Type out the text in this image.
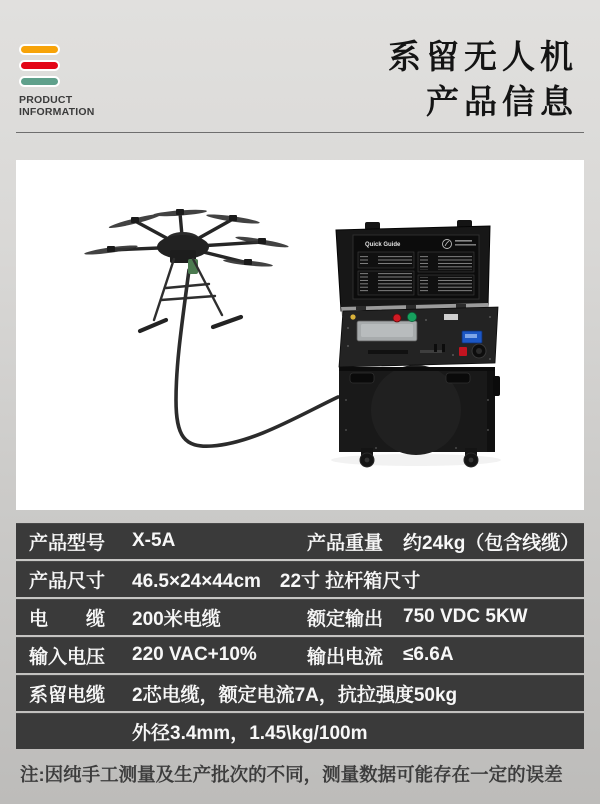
PRODUCT
INFORMATION
系留无人机
产品信息
Quick Guide
产品型号	X-5A	产品重量	约24kg（包含线缆）
产品尺寸	46.5×24×44cm　22寸 拉杆箱尺寸
电　　缆	200米电缆	额定输出	750 VDC 5KW
输入电压	220 VAC+10%	输出电流	≤6.6A
系留电缆	2芯电缆，额定电流7A，抗拉强度50kg
外径3.4mm，1.45\kg/100m
注:因纯手工测量及生产批次的不同，测量数据可能存在一定的误差
